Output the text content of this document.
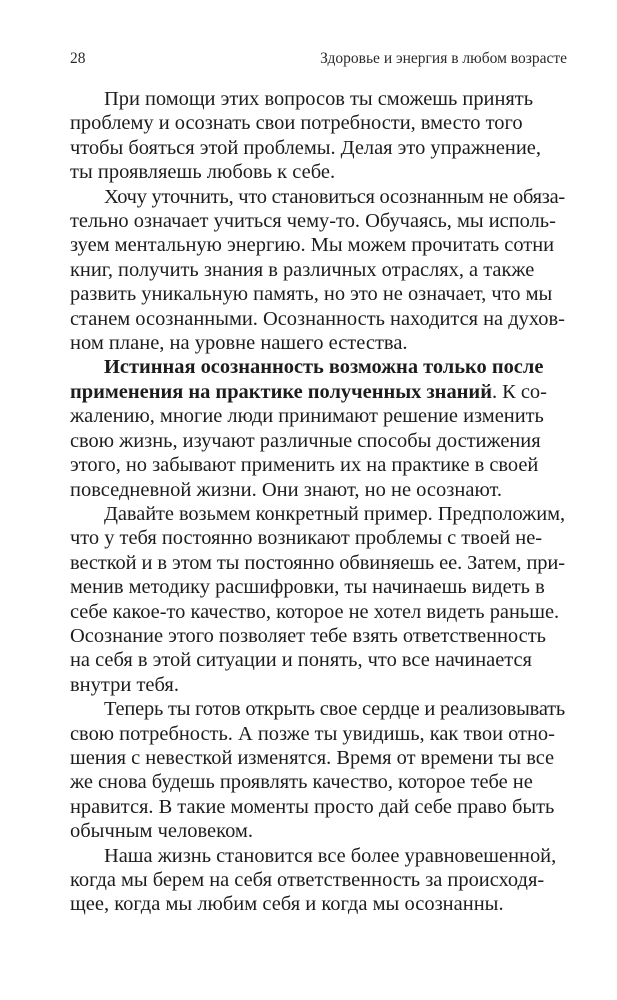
28	Здоровье и энергия в любом возрасте
При помощи этих вопросов ты сможешь принять
проблему и осознать свои потребности, вместо того
чтобы бояться этой проблемы. Делая это упражнение,
ты проявляешь любовь к себе.
Хочу уточнить, что становиться осознанным не обяза-
тельно означает учиться чему-то. Обучаясь, мы исполь-
зуем ментальную энергию. Мы можем прочитать сотни
книг, получить знания в различных отраслях, а также
развить уникальную память, но это не означает, что мы
станем осознанными. Осознанность находится на духов-
ном плане, на уровне нашего естества.
Истинная осознанность возможна только после
применения на практике полученных знаний. К со-
жалению, многие люди принимают решение изменить
свою жизнь, изучают различные способы достижения
этого, но забывают применить их на практике в своей
повседневной жизни. Они знают, но не осознают.
Давайте возьмем конкретный пример. Предположим,
что у тебя постоянно возникают проблемы с твоей не-
весткой и в этом ты постоянно обвиняешь ее. Затем, при-
менив методику расшифровки, ты начинаешь видеть в
себе какое-то качество, которое не хотел видеть раньше.
Осознание этого позволяет тебе взять ответственность
на себя в этой ситуации и понять, что все начинается
внутри тебя.
Теперь ты готов открыть свое сердце и реализовывать
свою потребность. А позже ты увидишь, как твои отно-
шения с невесткой изменятся. Время от времени ты все
же снова будешь проявлять качество, которое тебе не
нравится. В такие моменты просто дай себе право быть
обычным человеком.
Наша жизнь становится все более уравновешенной,
когда мы берем на себя ответственность за происходя-
щее, когда мы любим себя и когда мы осознанны.
